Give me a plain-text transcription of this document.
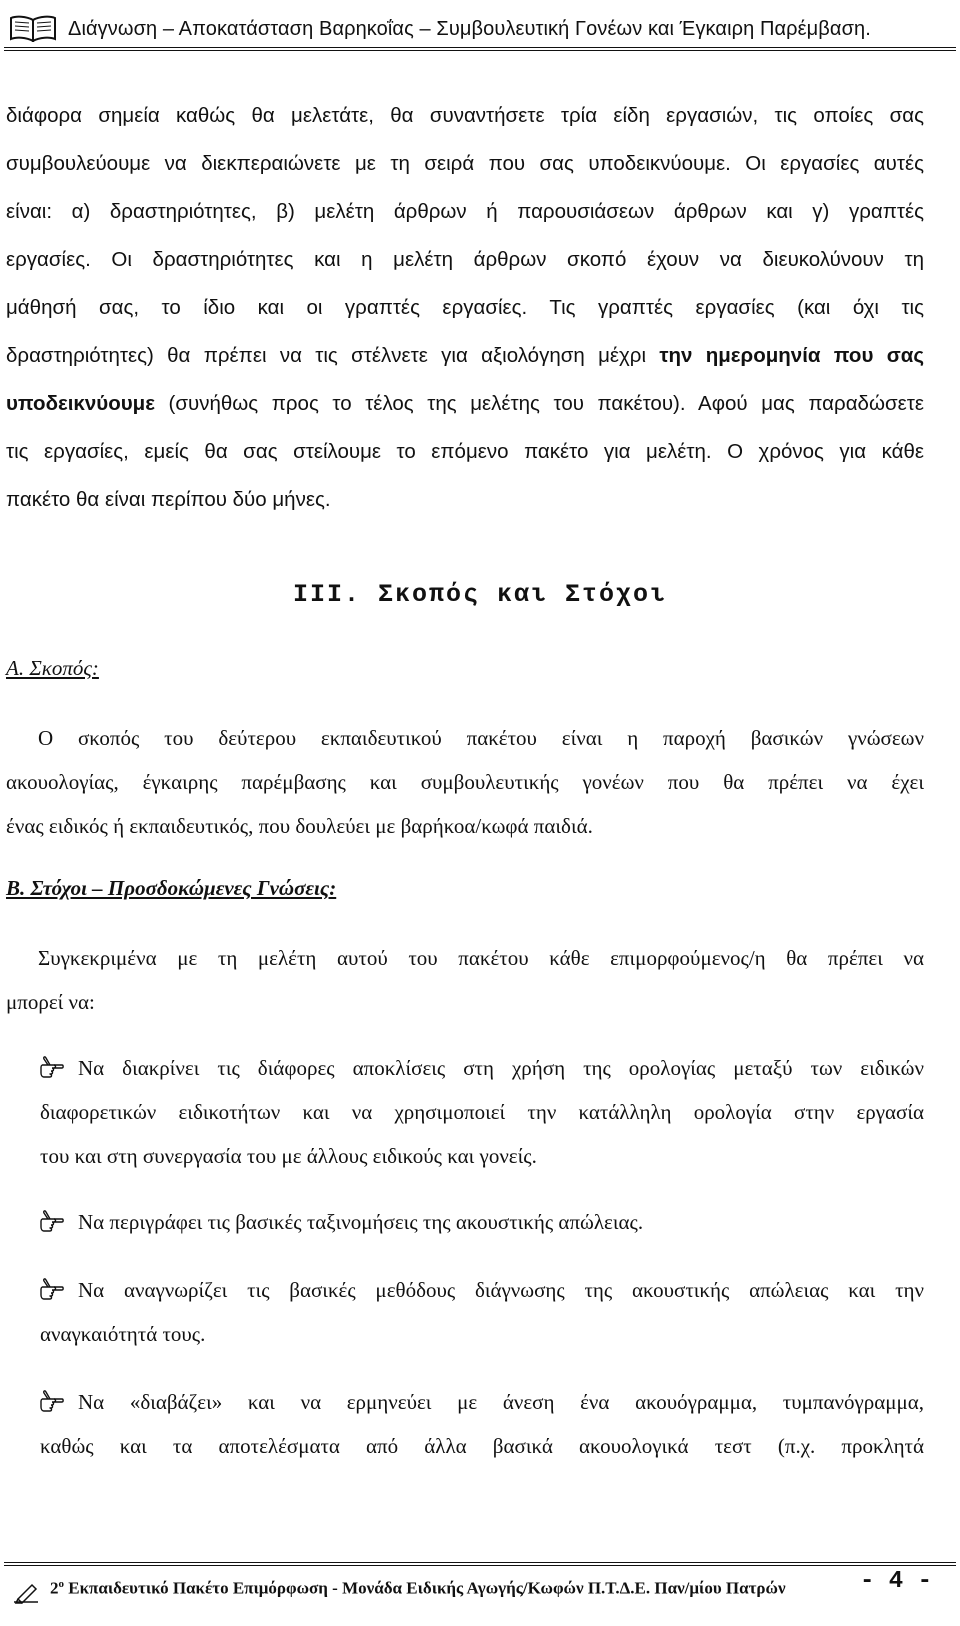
Διάγνωση – Αποκατάσταση Βαρηκοΐας – Συμβουλευτική Γονέων και Έγκαιρη Παρέμβαση.
διάφορα σημεία καθώς θα μελετάτε, θα συναντήσετε τρία είδη εργασιών, τις οποίες σας
συμβουλεύουμε να διεκπεραιώνετε με τη σειρά που σας υποδεικνύουμε. Οι εργασίες αυτές
είναι: α) δραστηριότητες, β) μελέτη άρθρων ή παρουσιάσεων άρθρων και γ) γραπτές
εργασίες. Οι δραστηριότητες και η μελέτη άρθρων σκοπό έχουν να διευκολύνουν τη
μάθησή σας, το ίδιο και οι γραπτές εργασίες. Τις γραπτές εργασίες (και όχι τις
δραστηριότητες) θα πρέπει να τις στέλνετε για αξιολόγηση μέχρι την ημερομηνία που σας
υποδεικνύουμε (συνήθως προς το τέλος της μελέτης του πακέτου). Αφού μας παραδώσετε
τις εργασίες, εμείς θα σας στείλουμε το επόμενο πακέτο για μελέτη. Ο χρόνος για κάθε
πακέτο θα είναι περίπου δύο μήνες.
ΙΙΙ. Σκοπός και Στόχοι
Α. Σκοπός:
Ο σκοπός του δεύτερου εκπαιδευτικού πακέτου είναι η παροχή βασικών γνώσεων
ακουολογίας, έγκαιρης παρέμβασης και συμβουλευτικής γονέων που θα πρέπει να έχει
ένας ειδικός ή εκπαιδευτικός, που δουλεύει με βαρήκοα/κωφά παιδιά.
Β. Στόχοι – Προσδοκώμενες Γνώσεις:
Συγκεκριμένα με τη μελέτη αυτού του πακέτου κάθε επιμορφούμενος/η θα πρέπει να
μπορεί να:
Να διακρίνει τις διάφορες αποκλίσεις στη χρήση της ορολογίας μεταξύ των ειδικών
διαφορετικών ειδικοτήτων και να χρησιμοποιεί την κατάλληλη ορολογία στην εργασία
του και στη συνεργασία του με άλλους ειδικούς και γονείς.
Να περιγράφει τις βασικές ταξινομήσεις της ακουστικής απώλειας.
Να αναγνωρίζει τις βασικές μεθόδους διάγνωσης της ακουστικής απώλειας και την
αναγκαιότητά τους.
Να «διαβάζει» και να ερμηνεύει με άνεση ένα ακουόγραμμα, τυμπανόγραμμα,
καθώς και τα αποτελέσματα από άλλα βασικά ακουολογικά τεστ (π.χ. προκλητά
$2^o$ Εκπαιδευτικό Πακέτο Επιμόρφωση - Μονάδα Ειδικής Αγωγής/Κωφών Π.Τ.Δ.Ε. Παν/μίου Πατρών	- 4 -
